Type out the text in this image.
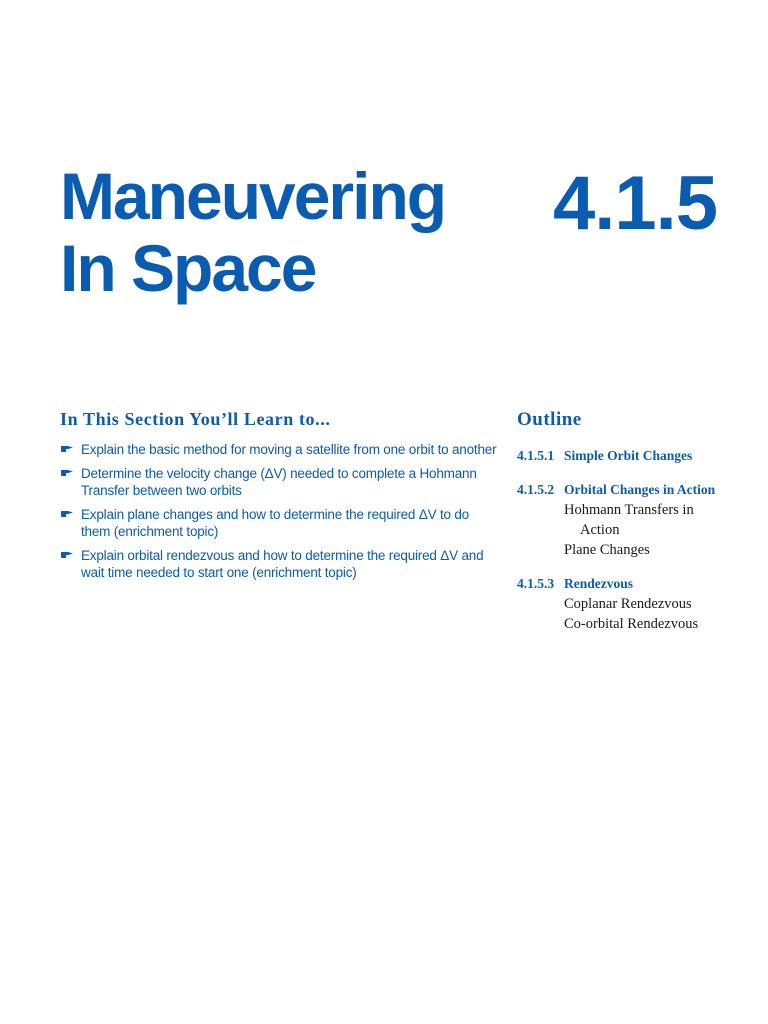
Maneuvering
In Space
4.1.5
In This Section You’ll Learn to...
Explain the basic method for moving a satellite from one orbit to another
Determine the velocity change (ΔV) needed to complete a Hohmann Transfer between two orbits
Explain plane changes and how to determine the required ΔV to do them (enrichment topic)
Explain orbital rendezvous and how to determine the required ΔV and wait time needed to start one (enrichment topic)
Outline
4.1.5.1 Simple Orbit Changes
4.1.5.2 Orbital Changes in Action
Hohmann Transfers in Action
Plane Changes
4.1.5.3 Rendezvous
Coplanar Rendezvous
Co-orbital Rendezvous
